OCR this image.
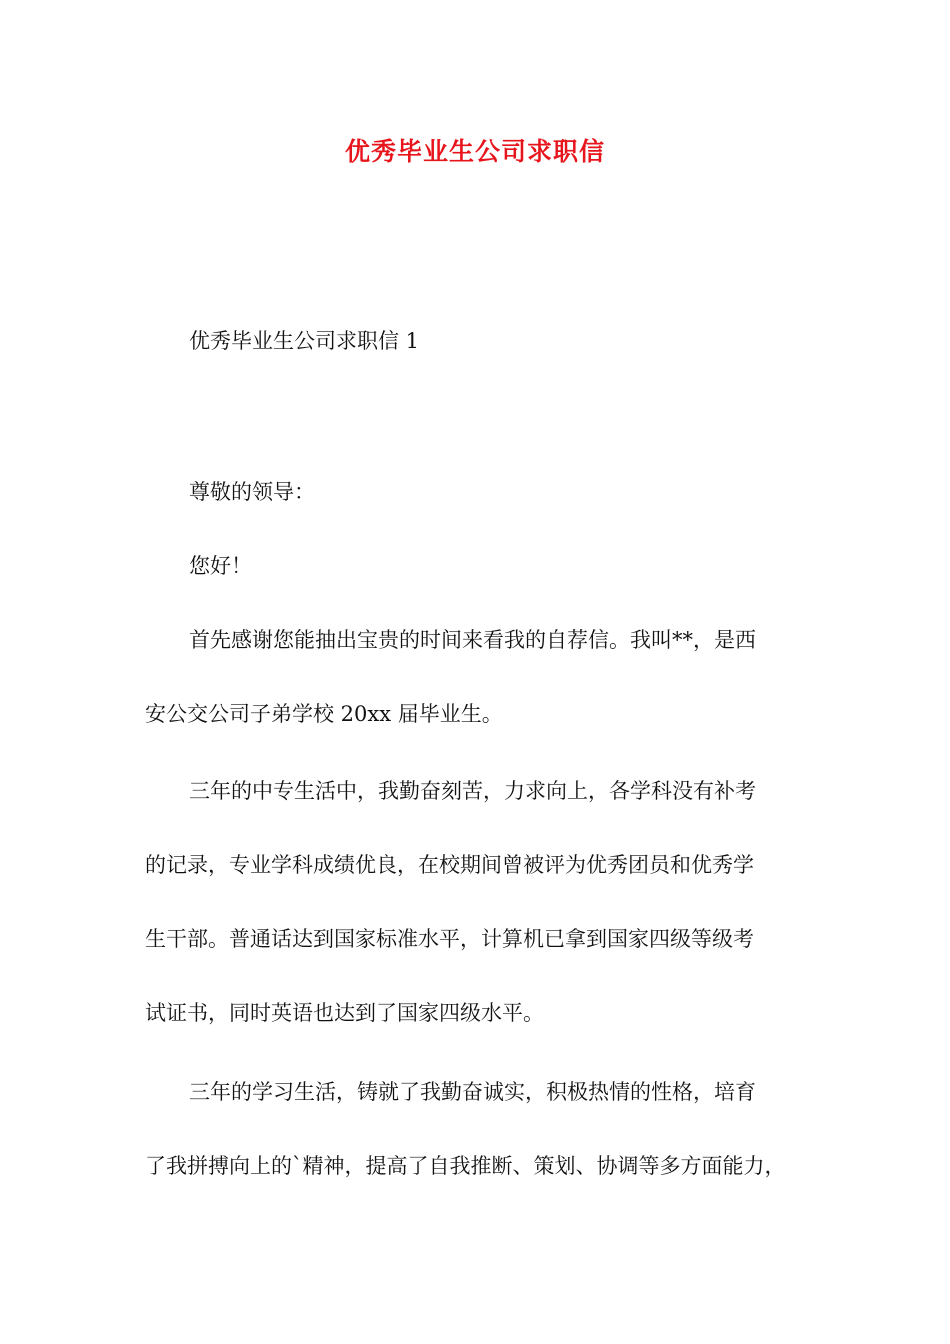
优秀毕业生公司求职信

优秀毕业生公司求职信 1

尊敬的领导：

您好！

首先感谢您能抽出宝贵的时间来看我的自荐信。我叫**，是西
安公交公司子弟学校 20xx 届毕业生。

三年的中专生活中，我勤奋刻苦，力求向上，各学科没有补考
的记录，专业学科成绩优良，在校期间曾被评为优秀团员和优秀学
生干部。普通话达到国家标准水平，计算机已拿到国家四级等级考
试证书，同时英语也达到了国家四级水平。

三年的学习生活，铸就了我勤奋诚实，积极热情的性格，培育
了我拼搏向上的`精神，提高了自我推断、策划、协调等多方面能力，
